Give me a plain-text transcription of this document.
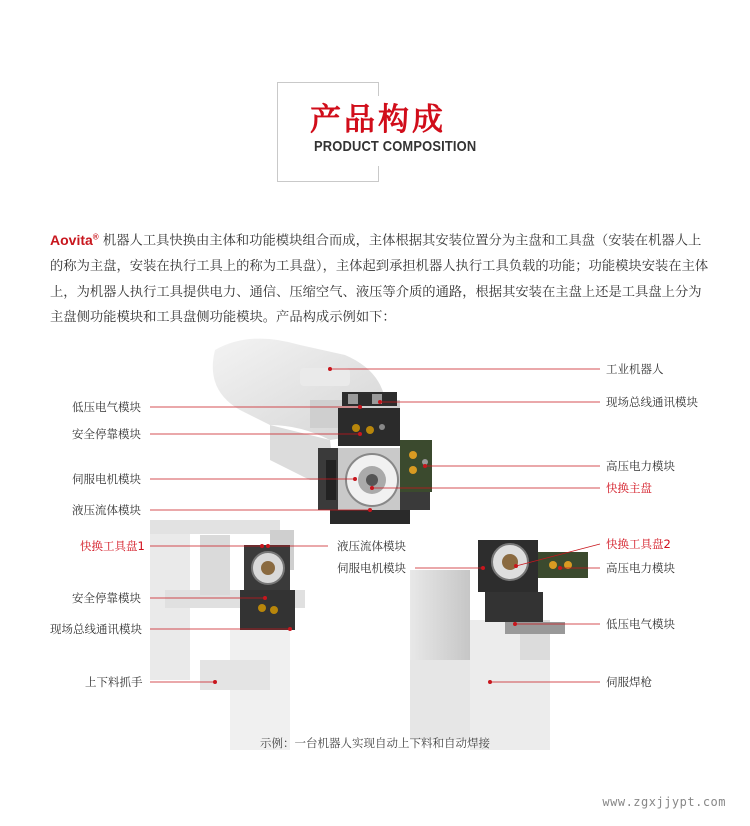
产品构成
PRODUCT COMPOSITION

Aovita® 机器人工具快换由主体和功能模块组合而成，主体根据其安装位置分为主盘和工具盘（安装在机器人上的称为主盘，安装在执行工具上的称为工具盘），主体起到承担机器人执行工具负载的功能；功能模块安装在主体上，为机器人执行工具提供电力、通信、压缩空气、液压等介质的通路，根据其安装在主盘上还是工具盘上分为主盘侧功能模块和工具盘侧功能模块。产品构成示例如下：

低压电气模块
安全停靠模块
伺服电机模块
液压流体模块
工业机器人
现场总线通讯模块
高压电力模块
快换主盘
快换工具盘1
安全停靠模块
现场总线通讯模块
上下料抓手
液压流体模块
伺服电机模块
快换工具盘2
高压电力模块
低压电气模块
伺服焊枪

示例：一台机器人实现自动上下料和自动焊接

www.zgxjjypt.com
